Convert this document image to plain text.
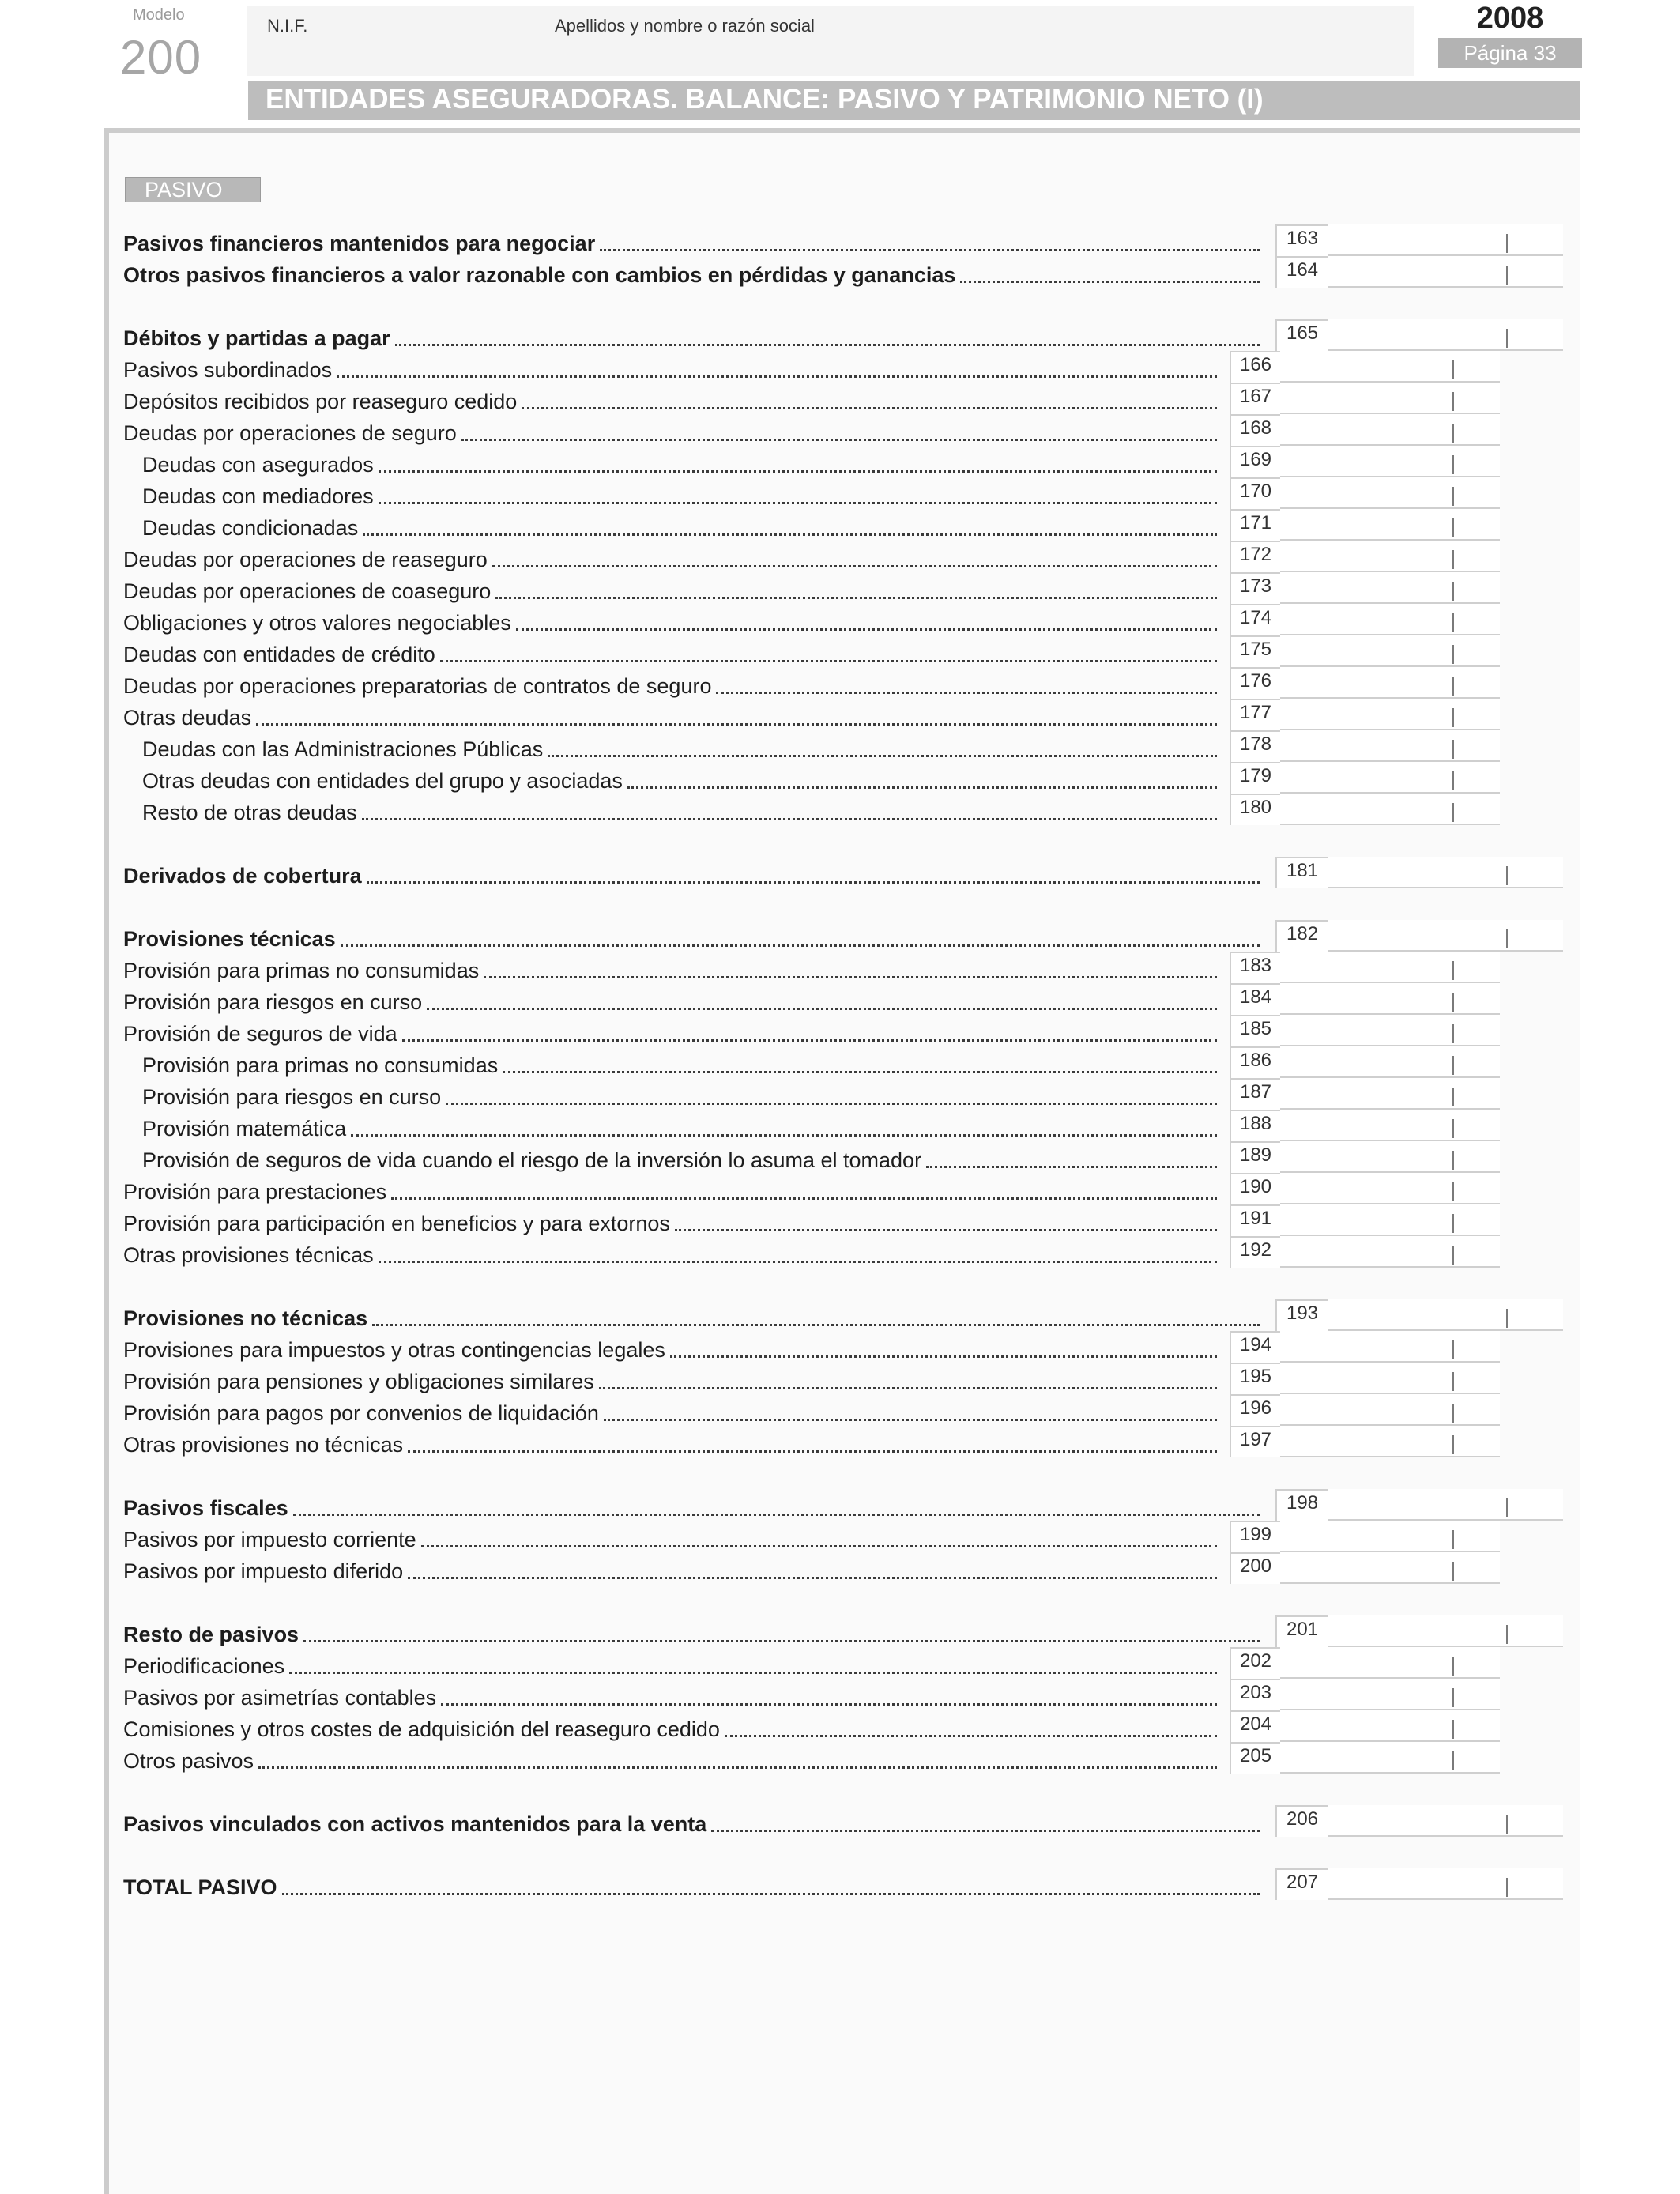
Modelo
200
N.I.F.	Apellidos y nombre o razón social	2008
Página 33
ENTIDADES ASEGURADORAS. BALANCE: PASIVO Y PATRIMONIO NETO (I)
PASIVO
Pasivos financieros mantenidos para negociar	163
Otros pasivos financieros a valor razonable con cambios en pérdidas y ganancias	164
Débitos y partidas a pagar	165
Pasivos subordinados	166
Depósitos recibidos por reaseguro cedido	167
Deudas por operaciones de seguro	168
Deudas con asegurados	169
Deudas con mediadores	170
Deudas condicionadas	171
Deudas por operaciones de reaseguro	172
Deudas por operaciones de coaseguro	173
Obligaciones y otros valores negociables	174
Deudas con entidades de crédito	175
Deudas por operaciones preparatorias de contratos de seguro	176
Otras deudas	177
Deudas con las Administraciones Públicas	178
Otras deudas con entidades del grupo y asociadas	179
Resto de otras deudas	180
Derivados de cobertura	181
Provisiones técnicas	182
Provisión para primas no consumidas	183
Provisión para riesgos en curso	184
Provisión de seguros de vida	185
Provisión para primas no consumidas	186
Provisión para riesgos en curso	187
Provisión matemática	188
Provisión de seguros de vida cuando el riesgo de la inversión lo asuma el tomador	189
Provisión para prestaciones	190
Provisión para participación en beneficios y para extornos	191
Otras provisiones técnicas	192
Provisiones no técnicas	193
Provisiones para impuestos y otras contingencias legales	194
Provisión para pensiones y obligaciones similares	195
Provisión para pagos por convenios de liquidación	196
Otras provisiones no técnicas	197
Pasivos fiscales	198
Pasivos por impuesto corriente	199
Pasivos por impuesto diferido	200
Resto de pasivos	201
Periodificaciones	202
Pasivos por asimetrías contables	203
Comisiones y otros costes de adquisición del reaseguro cedido	204
Otros pasivos	205
Pasivos vinculados con activos mantenidos para la venta	206
TOTAL PASIVO	207
